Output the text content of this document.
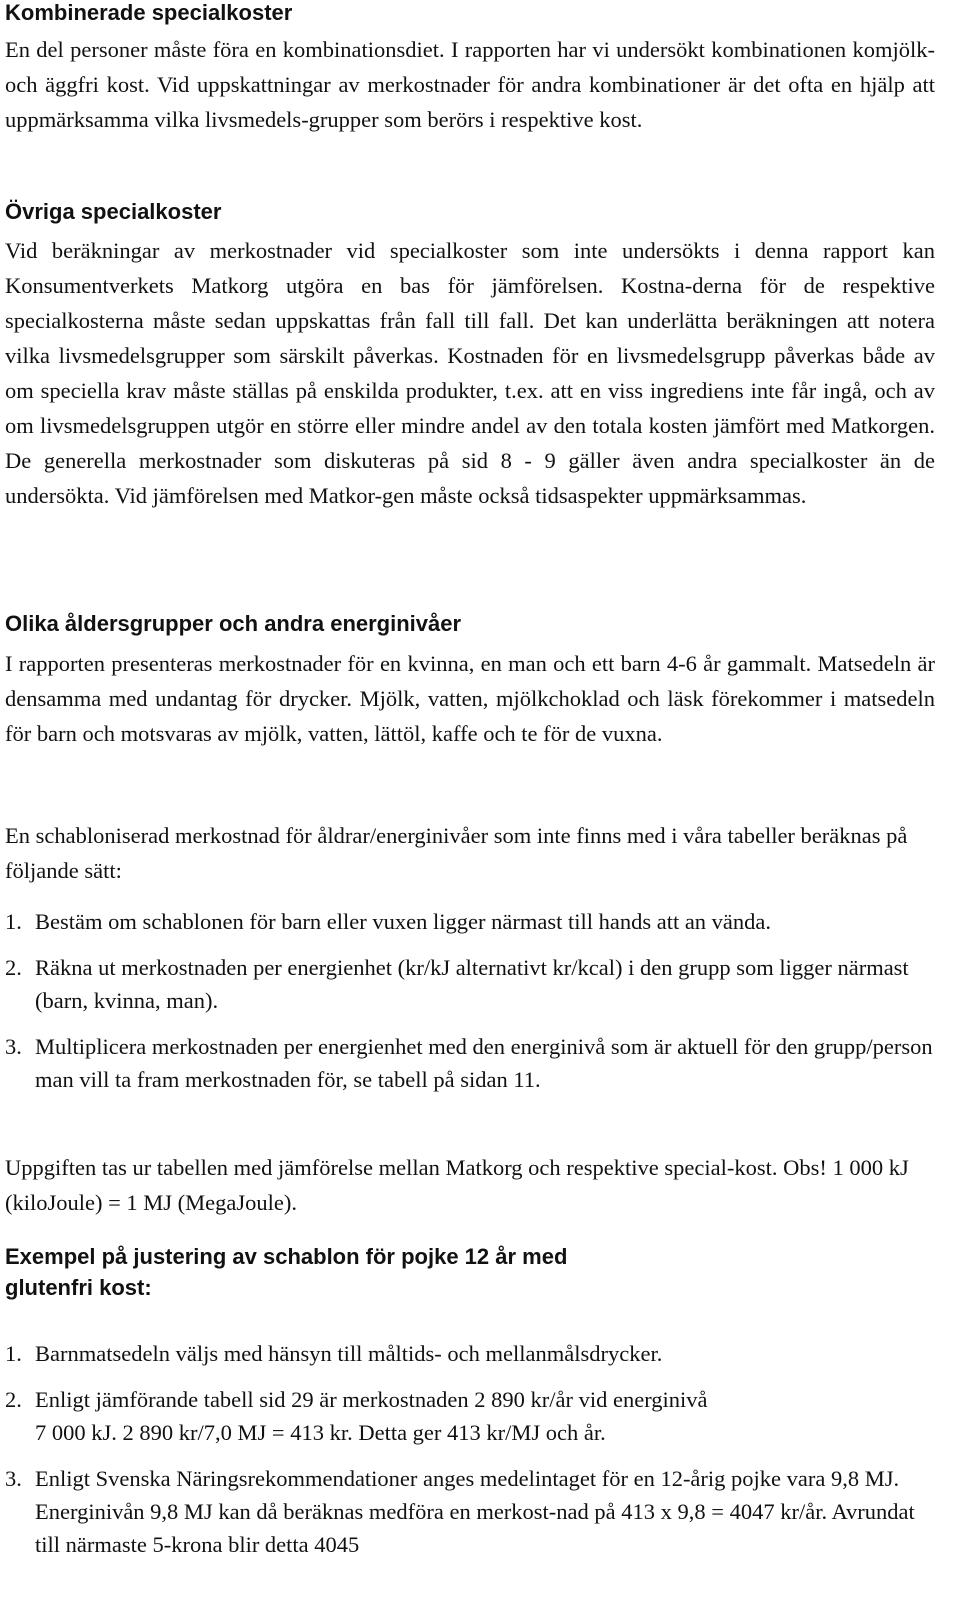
Kombinerade specialkoster

En del personer måste föra en kombinationsdiet. I rapporten har vi undersökt kombinationen komjölk- och äggfri kost. Vid uppskattningar av merkostnader för andra kombinationer är det ofta en hjälp att uppmärksamma vilka livsmedels-grupper som berörs i respektive kost.

Övriga specialkoster

Vid beräkningar av merkostnader vid specialkoster som inte undersökts i denna rapport kan Konsumentverkets Matkorg utgöra en bas för jämförelsen. Kostna-derna för de respektive specialkosterna måste sedan uppskattas från fall till fall. Det kan underlätta beräkningen att notera vilka livsmedelsgrupper som särskilt påverkas. Kostnaden för en livsmedelsgrupp påverkas både av om speciella krav måste ställas på enskilda produkter, t.ex. att en viss ingrediens inte får ingå, och av om livsmedelsgruppen utgör en större eller mindre andel av den totala kosten jämfört med Matkorgen. De generella merkostnader som diskuteras på sid 8 - 9 gäller även andra specialkoster än de undersökta. Vid jämförelsen med Matkor-gen måste också tidsaspekter uppmärksammas.

Olika åldersgrupper och andra energinivåer

I rapporten presenteras merkostnader för en kvinna, en man och ett barn 4-6 år gammalt. Matsedeln är densamma med undantag för drycker. Mjölk, vatten, mjölkchoklad och läsk förekommer i matsedeln för barn och motsvaras av mjölk, vatten, lättöl, kaffe och te för de vuxna.

En schabloniserad merkostnad för åldrar/energinivåer som inte finns med i våra tabeller beräknas på följande sätt:

1. Bestäm om schablonen för barn eller vuxen ligger närmast till hands att an vända.
2. Räkna ut merkostnaden per energienhet (kr/kJ alternativt kr/kcal) i den grupp som ligger närmast (barn, kvinna, man).
3. Multiplicera merkostnaden per energienhet med den energinivå som är aktuell för den grupp/person man vill ta fram merkostnaden för, se tabell på sidan 11.

Uppgiften tas ur tabellen med jämförelse mellan Matkorg och respektive special-kost. Obs! 1 000 kJ (kiloJoule) = 1 MJ (MegaJoule).

Exempel på justering av schablon för pojke 12 år med
glutenfri kost:
1. Barnmatsedeln väljs med hänsyn till måltids- och mellanmålsdrycker.
2. Enligt jämförande tabell sid 29 är merkostnaden 2 890 kr/år vid energinivå
7 000 kJ. 2 890 kr/7,0 MJ = 413 kr. Detta ger 413 kr/MJ och år.
3. Enligt Svenska Näringsrekommendationer anges medelintaget för en 12-årig pojke vara 9,8 MJ. Energinivån 9,8 MJ kan då beräknas medföra en merkost-nad på 413 x 9,8 = 4047 kr/år. Avrundat till närmaste 5-krona blir detta 4045
